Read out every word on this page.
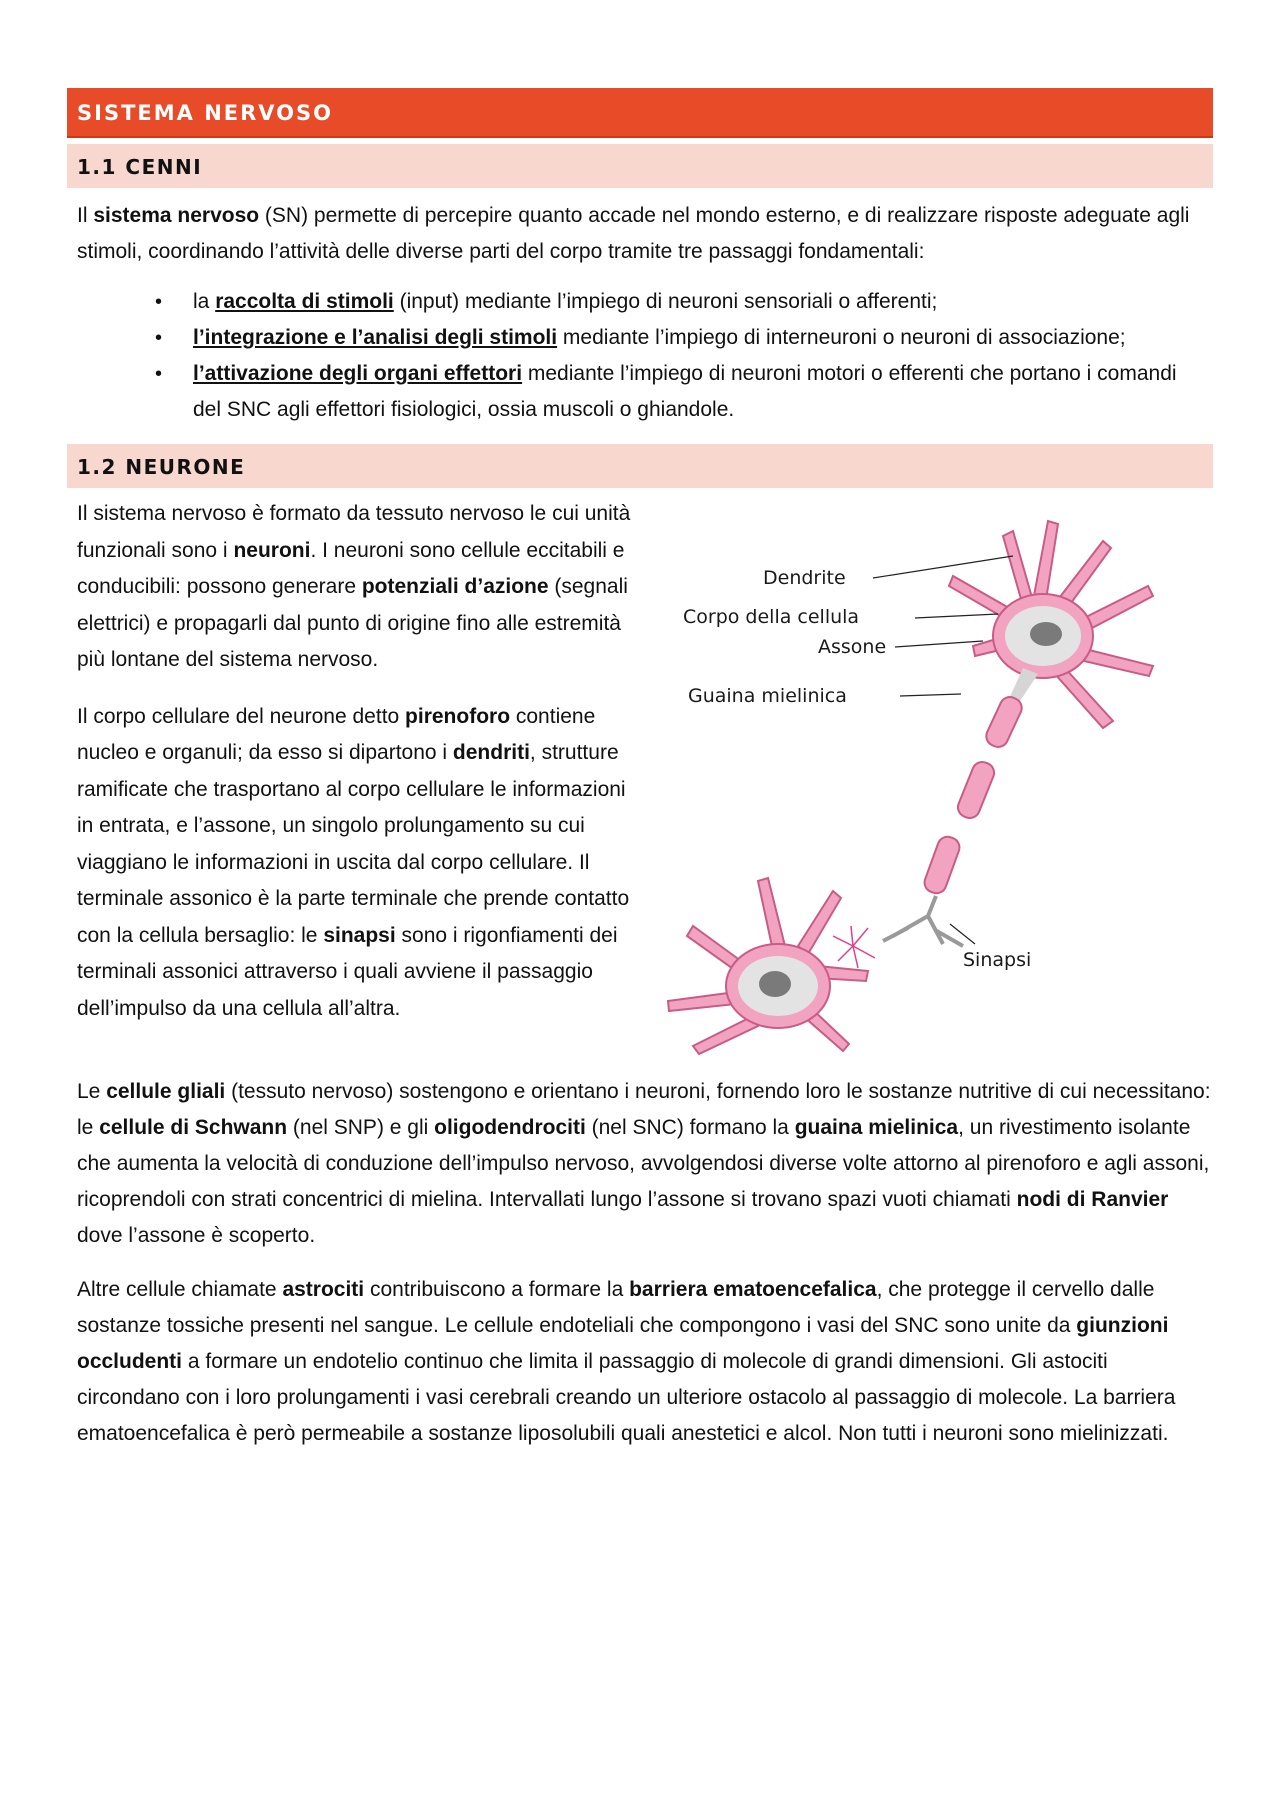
SISTEMA NERVOSO
1.1 CENNI

Il sistema nervoso (SN) permette di percepire quanto accade nel mondo esterno, e di realizzare risposte adeguate agli stimoli, coordinando l’attività delle diverse parti del corpo tramite tre passaggi fondamentali:

• la raccolta di stimoli (input) mediante l’impiego di neuroni sensoriali o afferenti;
• l’integrazione e l’analisi degli stimoli mediante l’impiego di interneuroni o neuroni di associazione;
• l’attivazione degli organi effettori mediante l’impiego di neuroni motori o efferenti che portano i comandi del SNC agli effettori fisiologici, ossia muscoli o ghiandole.
1.2 NEURONE

Il sistema nervoso è formato da tessuto nervoso le cui unità funzionali sono i neuroni. I neuroni sono cellule eccitabili e conducibili: possono generare potenziali d’azione (segnali elettrici) e propagarli dal punto di origine fino alle estremità più lontane del sistema nervoso.

Il corpo cellulare del neurone detto pirenoforo contiene nucleo e organuli; da esso si dipartono i dendriti, strutture ramificate che trasportano al corpo cellulare le informazioni in entrata, e l’assone, un singolo prolungamento su cui viaggiano le informazioni in uscita dal corpo cellulare. Il terminale assonico è la parte terminale che prende contatto con la cellula bersaglio: le sinapsi sono i rigonfiamenti dei terminali assonici attraverso i quali avviene il passaggio dell’impulso da una cellula all’altra.

Dendrite
Corpo della cellula
Assone
Guaina mielinica
Sinapsi

Le cellule gliali (tessuto nervoso) sostengono e orientano i neuroni, fornendo loro le sostanze nutritive di cui necessitano: le cellule di Schwann (nel SNP) e gli oligodendrociti (nel SNC) formano la guaina mielinica, un rivestimento isolante che aumenta la velocità di conduzione dell’impulso nervoso, avvolgendosi diverse volte attorno al pirenoforo e agli assoni, ricoprendoli con strati concentrici di mielina. Intervallati lungo l’assone si trovano spazi vuoti chiamati nodi di Ranvier dove l’assone è scoperto.

Altre cellule chiamate astrociti contribuiscono a formare la barriera ematoencefalica, che protegge il cervello dalle sostanze tossiche presenti nel sangue. Le cellule endoteliali che compongono i vasi del SNC sono unite da giunzioni occludenti a formare un endotelio continuo che limita il passaggio di molecole di grandi dimensioni. Gli astociti circondano con i loro prolungamenti i vasi cerebrali creando un ulteriore ostacolo al passaggio di molecole. La barriera ematoencefalica è però permeabile a sostanze liposolubili quali anestetici e alcol. Non tutti i neuroni sono mielinizzati.
